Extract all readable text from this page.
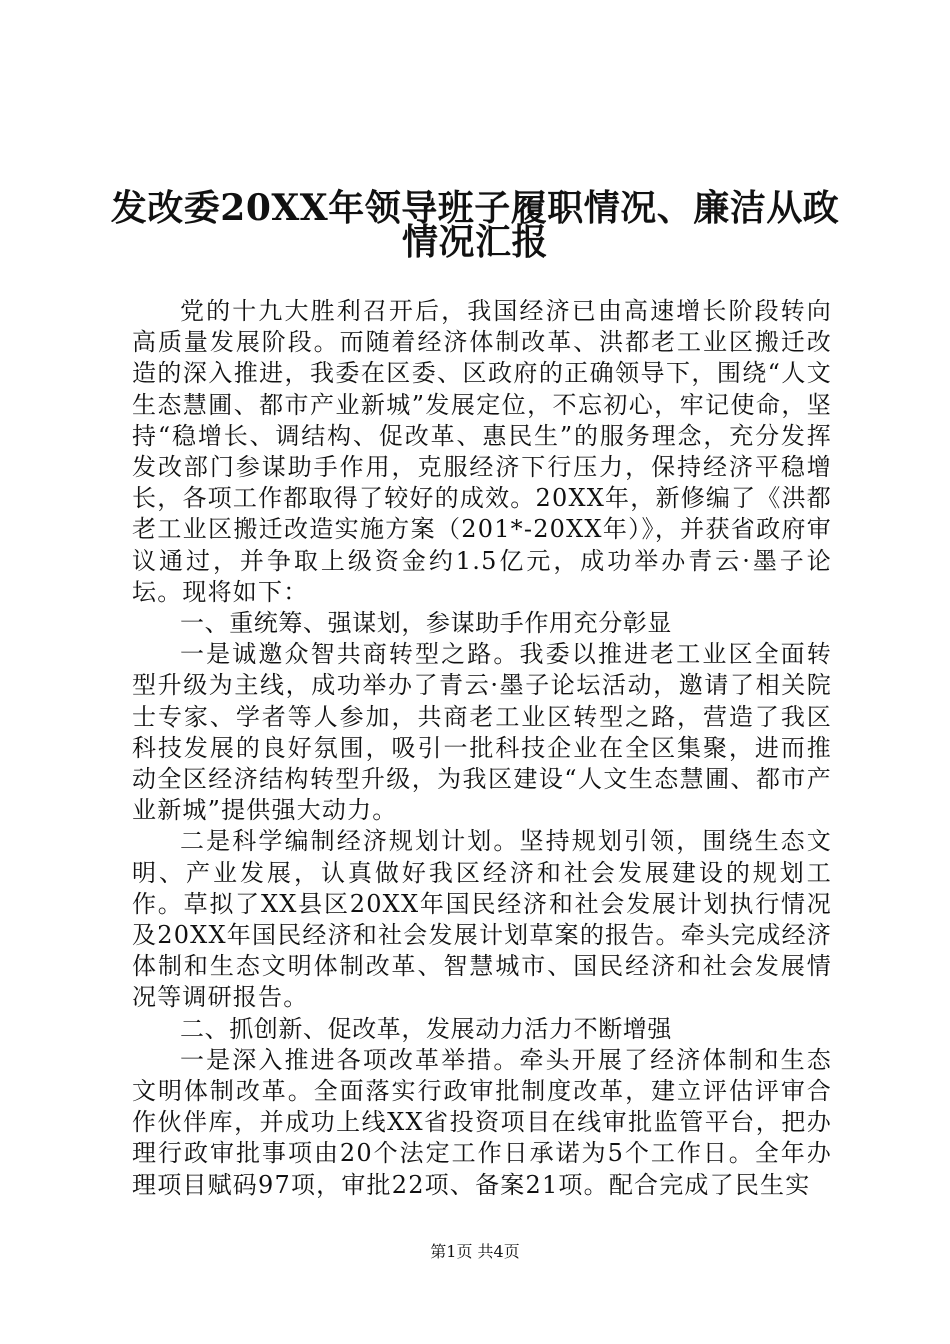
发改委20XX年领导班子履职情况、廉洁从政
情况汇报

党的十九大胜利召开后，我国经济已由高速增长阶段转向高质量发展阶段。而随着经济体制改革、洪都老工业区搬迁改造的深入推进，我委在区委、区政府的正确领导下，围绕“人文生态慧圃、都市产业新城”发展定位，不忘初心，牢记使命，坚持“稳增长、调结构、促改革、惠民生”的服务理念，充分发挥发改部门参谋助手作用，克服经济下行压力，保持经济平稳增长，各项工作都取得了较好的成效。20XX年，新修编了《洪都老工业区搬迁改造实施方案（201*-20XX年）》，并获省政府审议通过，并争取上级资金约1.5亿元，成功举办青云·墨子论坛。现将如下：

一、重统筹、强谋划，参谋助手作用充分彰显

一是诚邀众智共商转型之路。我委以推进老工业区全面转型升级为主线，成功举办了青云·墨子论坛活动，邀请了相关院士专家、学者等人参加，共商老工业区转型之路，营造了我区科技发展的良好氛围，吸引一批科技企业在全区集聚，进而推动全区经济结构转型升级，为我区建设“人文生态慧圃、都市产业新城”提供强大动力。

二是科学编制经济规划计划。坚持规划引领，围绕生态文明、产业发展，认真做好我区经济和社会发展建设的规划工作。草拟了XX县区20XX年国民经济和社会发展计划执行情况及20XX年国民经济和社会发展计划草案的报告。牵头完成经济体制和生态文明体制改革、智慧城市、国民经济和社会发展情况等调研报告。

二、抓创新、促改革，发展动力活力不断增强

一是深入推进各项改革举措。牵头开展了经济体制和生态文明体制改革。全面落实行政审批制度改革，建立评估评审合作伙伴库，并成功上线XX省投资项目在线审批监管平台，把办理行政审批事项由20个法定工作日承诺为5个工作日。全年办理项目赋码97项，审批22项、备案21项。配合完成了民生实

第1页 共4页
